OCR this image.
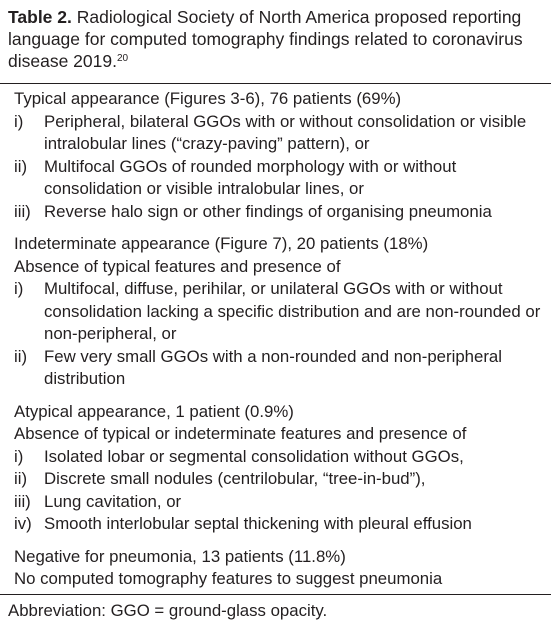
Table 2. Radiological Society of North America proposed reporting language for computed tomography findings related to coronavirus disease 2019.20
Typical appearance (Figures 3-6), 76 patients (69%)
i)	Peripheral, bilateral GGOs with or without consolidation or visible intralobular lines (“crazy-paving” pattern), or
ii)	Multifocal GGOs of rounded morphology with or without consolidation or visible intralobular lines, or
iii) Reverse halo sign or other findings of organising pneumonia
Indeterminate appearance (Figure 7), 20 patients (18%)
Absence of typical features and presence of
i)	Multifocal, diffuse, perihilar, or unilateral GGOs with or without consolidation lacking a specific distribution and are non-rounded or non-peripheral, or
ii)	Few very small GGOs with a non-rounded and non-peripheral distribution
Atypical appearance, 1 patient (0.9%)
Absence of typical or indeterminate features and presence of
i)	Isolated lobar or segmental consolidation without GGOs,
ii)	Discrete small nodules (centrilobular, “tree-in-bud”),
iii) Lung cavitation, or
iv) Smooth interlobular septal thickening with pleural effusion
Negative for pneumonia, 13 patients (11.8%)
No computed tomography features to suggest pneumonia
Abbreviation: GGO = ground-glass opacity.
